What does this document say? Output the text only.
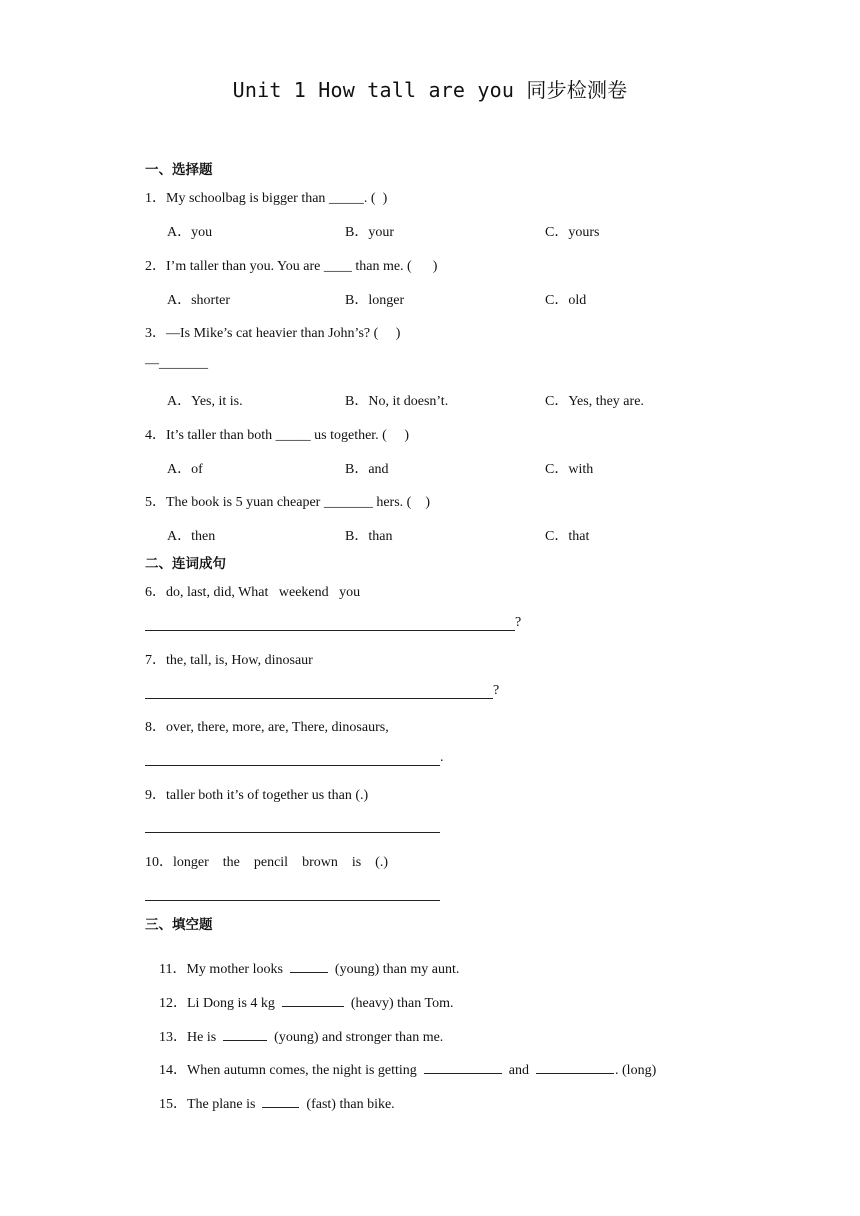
Unit 1 How tall are you 同步检测卷
一、选择题
1．My schoolbag is bigger than _____. (  )
A．you	B．your	C．yours
2．I’m taller than you. You are ____ than me. (      )
A．shorter	B．longer	C．old
3．—Is Mike’s cat heavier than John’s? (     )
—_______
A．Yes, it is.	B．No, it doesn’t.	C．Yes, they are.
4．It’s taller than both _____ us together. (     )
A．of	B．and	C．with
5．The book is 5 yuan cheaper _______ hers. (    )
A．then	B．than	C．that
二、连词成句
6．do, last, did, What   weekend   you
?
7．the, tall, is, How, dinosaur
?
8．over, there, more, are, There, dinosaurs,
.
9．taller both it’s of together us than (.)
10．longer    the    pencil    brown    is    (.)
三、填空题

11．My mother looks	(young) than my aunt.

12．Li Dong is 4 kg	(heavy) than Tom.

13．He is	(young) and stronger than me.

14．When autumn comes, the night is getting	and	. (long)

15．The plane is	(fast) than bike.
